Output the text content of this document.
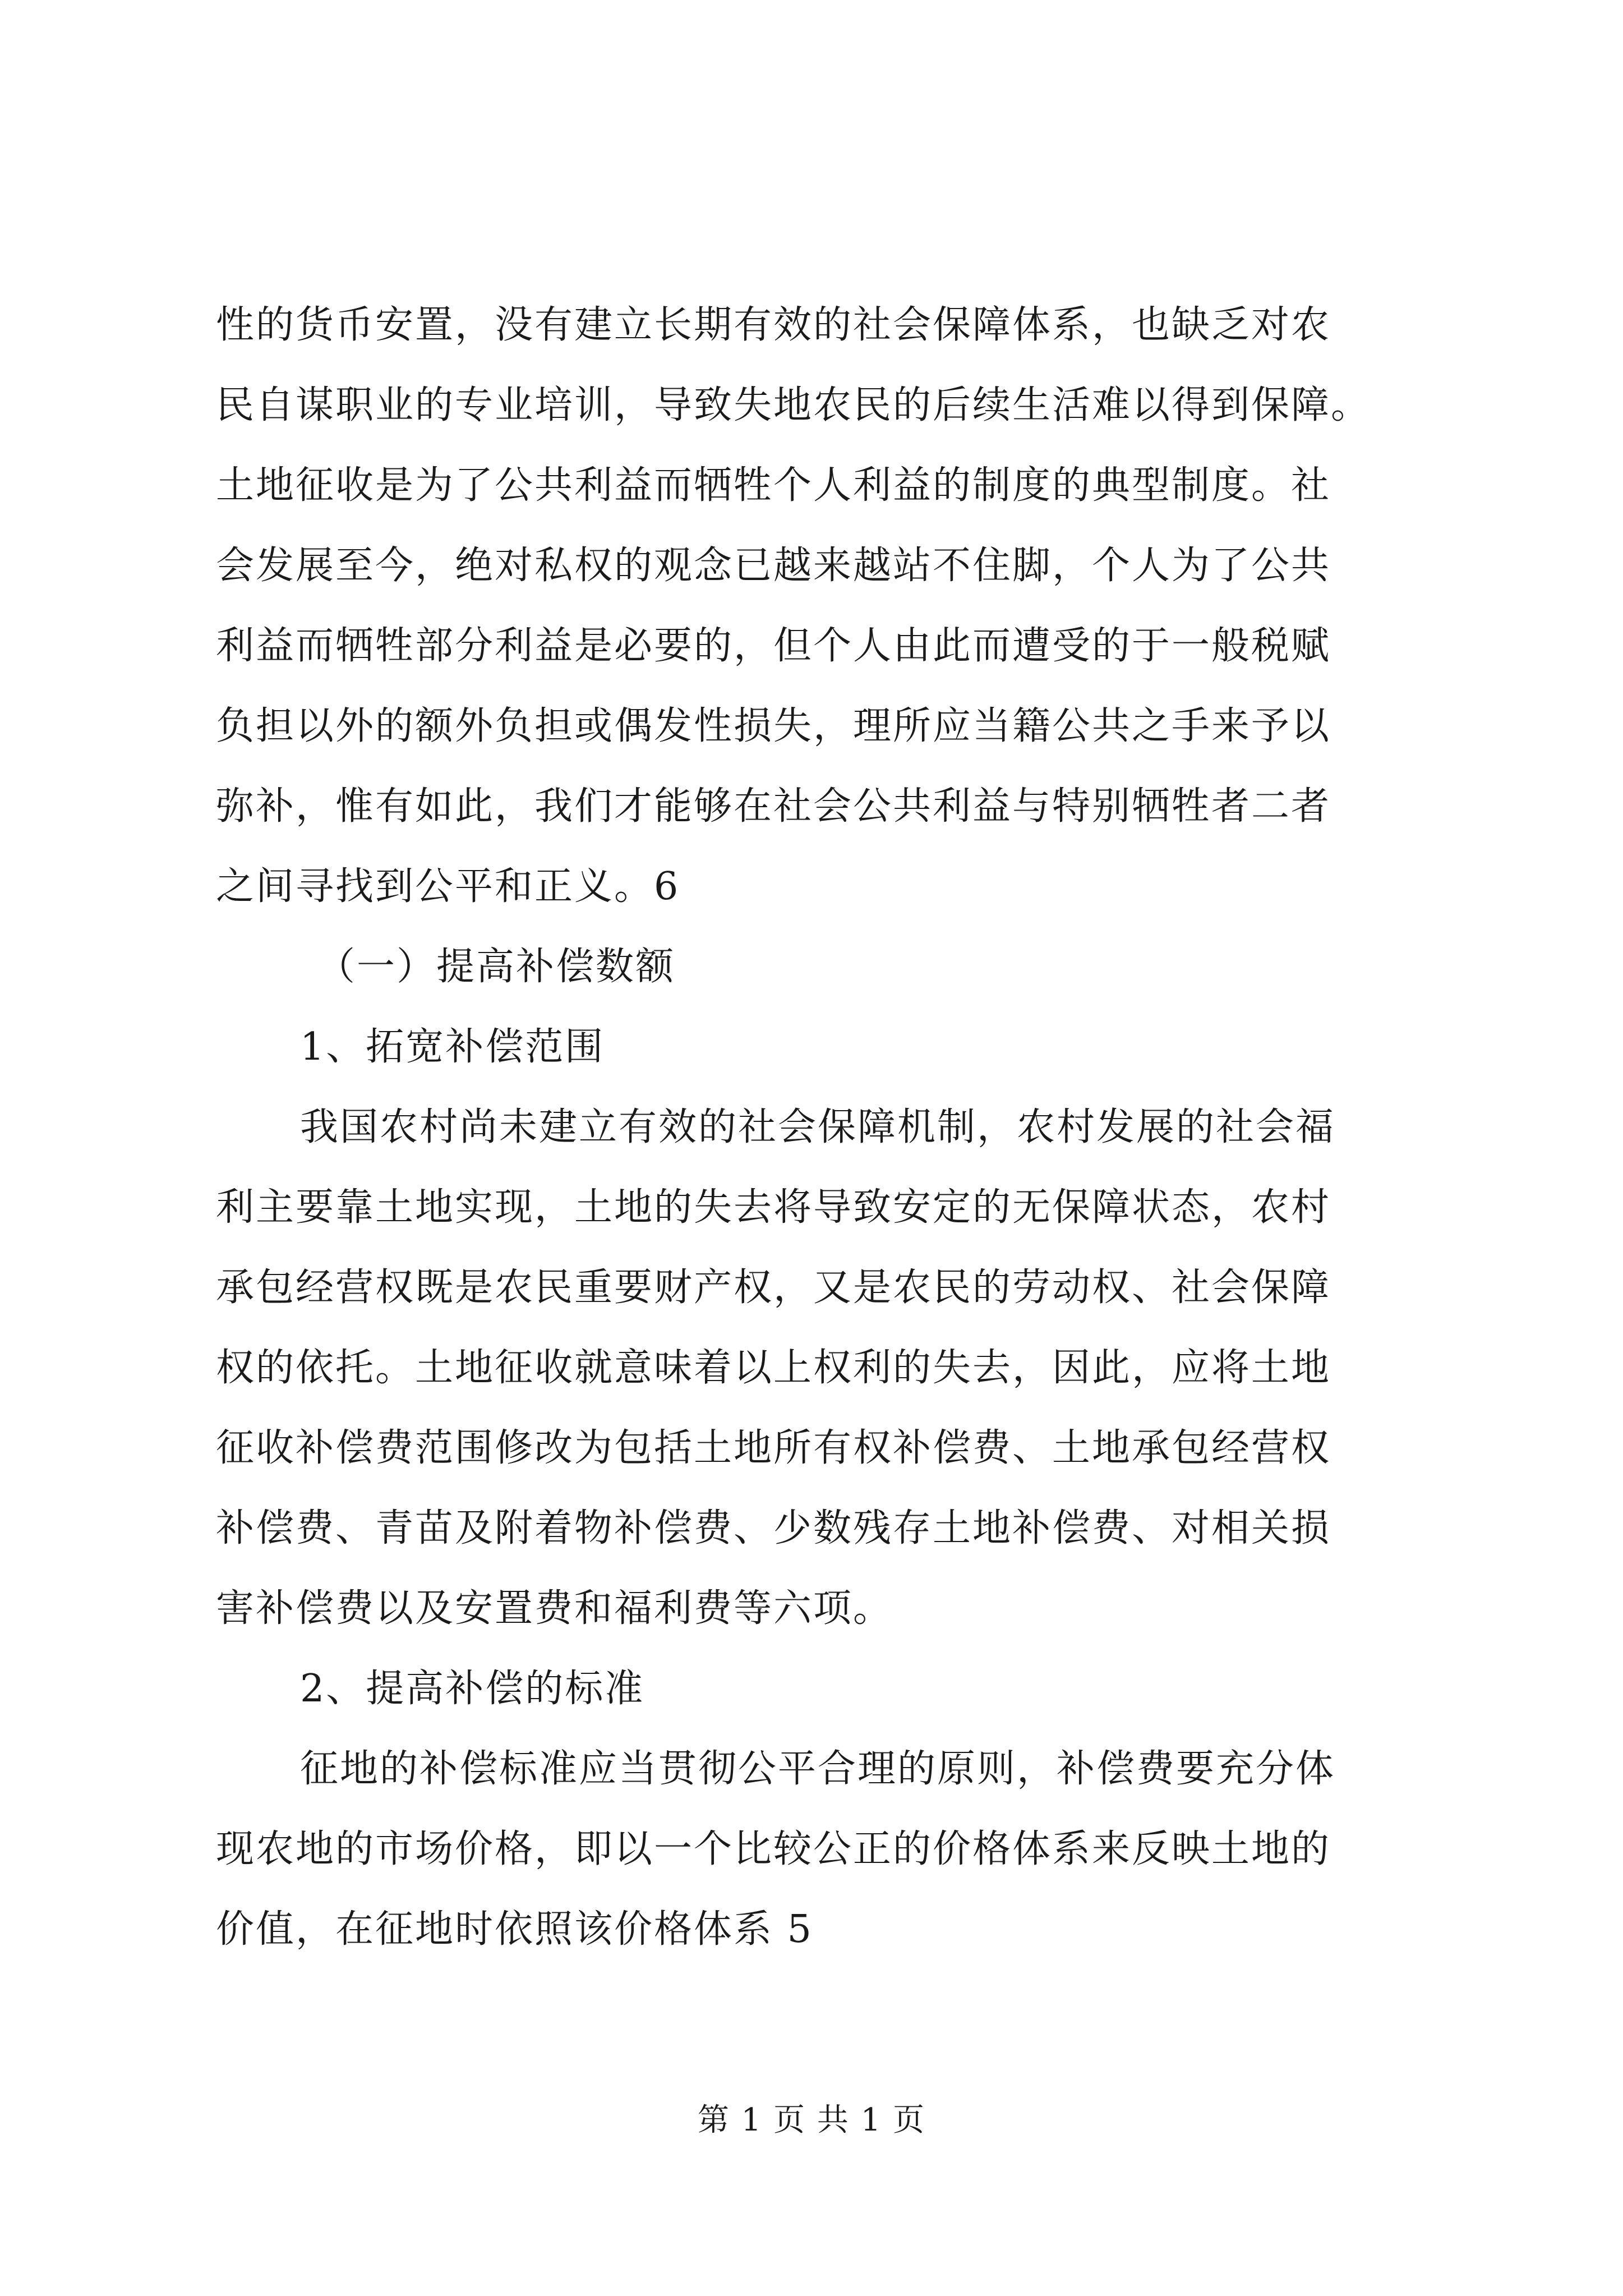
性的货币安置，没有建立长期有效的社会保障体系，也缺乏对农
民自谋职业的专业培训，导致失地农民的后续生活难以得到保障。
土地征收是为了公共利益而牺牲个人利益的制度的典型制度。社
会发展至今，绝对私权的观念已越来越站不住脚，个人为了公共
利益而牺牲部分利益是必要的，但个人由此而遭受的于一般税赋
负担以外的额外负担或偶发性损失，理所应当籍公共之手来予以
弥补，惟有如此，我们才能够在社会公共利益与特别牺牲者二者
之间寻找到公平和正义。6
（一）提高补偿数额
1、拓宽补偿范围
我国农村尚未建立有效的社会保障机制，农村发展的社会福
利主要靠土地实现，土地的失去将导致安定的无保障状态，农村
承包经营权既是农民重要财产权，又是农民的劳动权、社会保障
权的依托。土地征收就意味着以上权利的失去，因此，应将土地
征收补偿费范围修改为包括土地所有权补偿费、土地承包经营权
补偿费、青苗及附着物补偿费、少数残存土地补偿费、对相关损
害补偿费以及安置费和福利费等六项。
2、提高补偿的标准
征地的补偿标准应当贯彻公平合理的原则，补偿费要充分体
现农地的市场价格，即以一个比较公正的价格体系来反映土地的
价值，在征地时依照该价格体系 5
第 1 页 共 1 页
